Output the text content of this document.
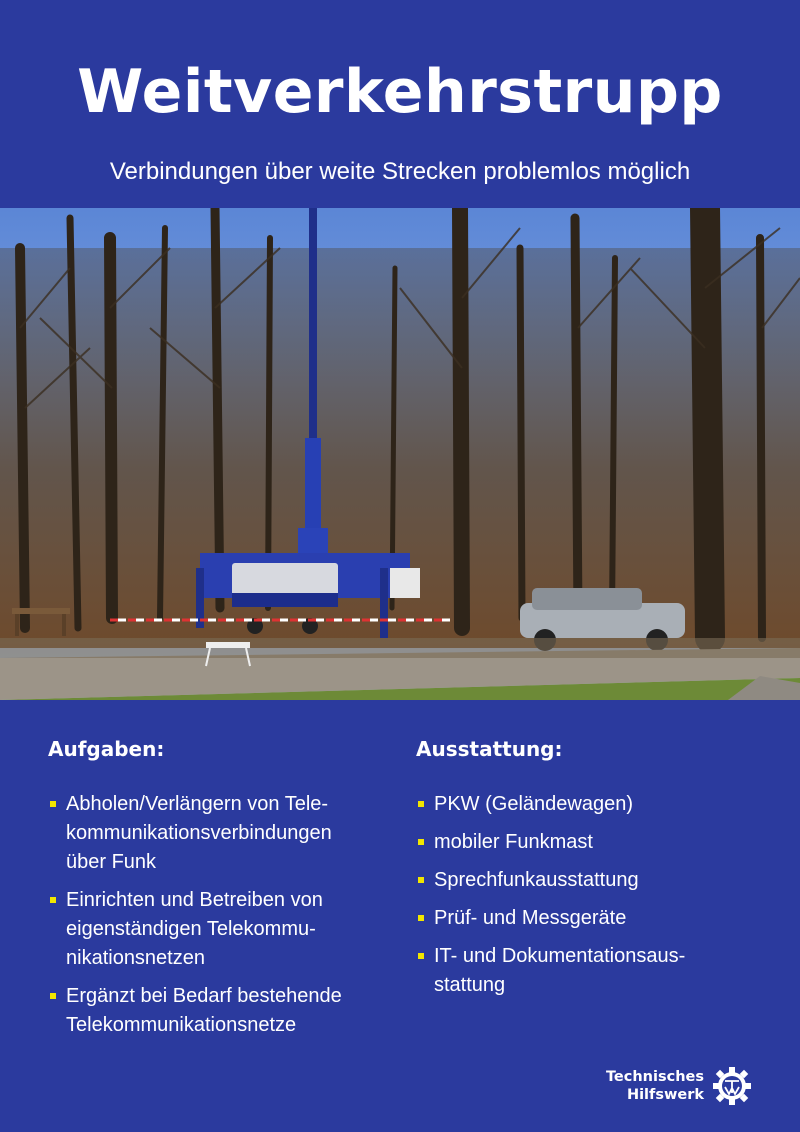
Weitverkehrstrupp
Verbindungen über weite Strecken problemlos möglich
Aufgaben:
Abholen/Verlängern von Tele-
kommunikationsverbindungen
über Funk
Einrichten und Betreiben von
eigenständigen Telekommu-
nikationsnetzen
Ergänzt bei Bedarf bestehende
Telekommunikationsnetze
Ausstattung:
PKW (Geländewagen)
mobiler Funkmast
Sprechfunkausstattung
Prüf- und Messgeräte
IT- und Dokumentationsaus-
stattung
Technisches
Hilfswerk
